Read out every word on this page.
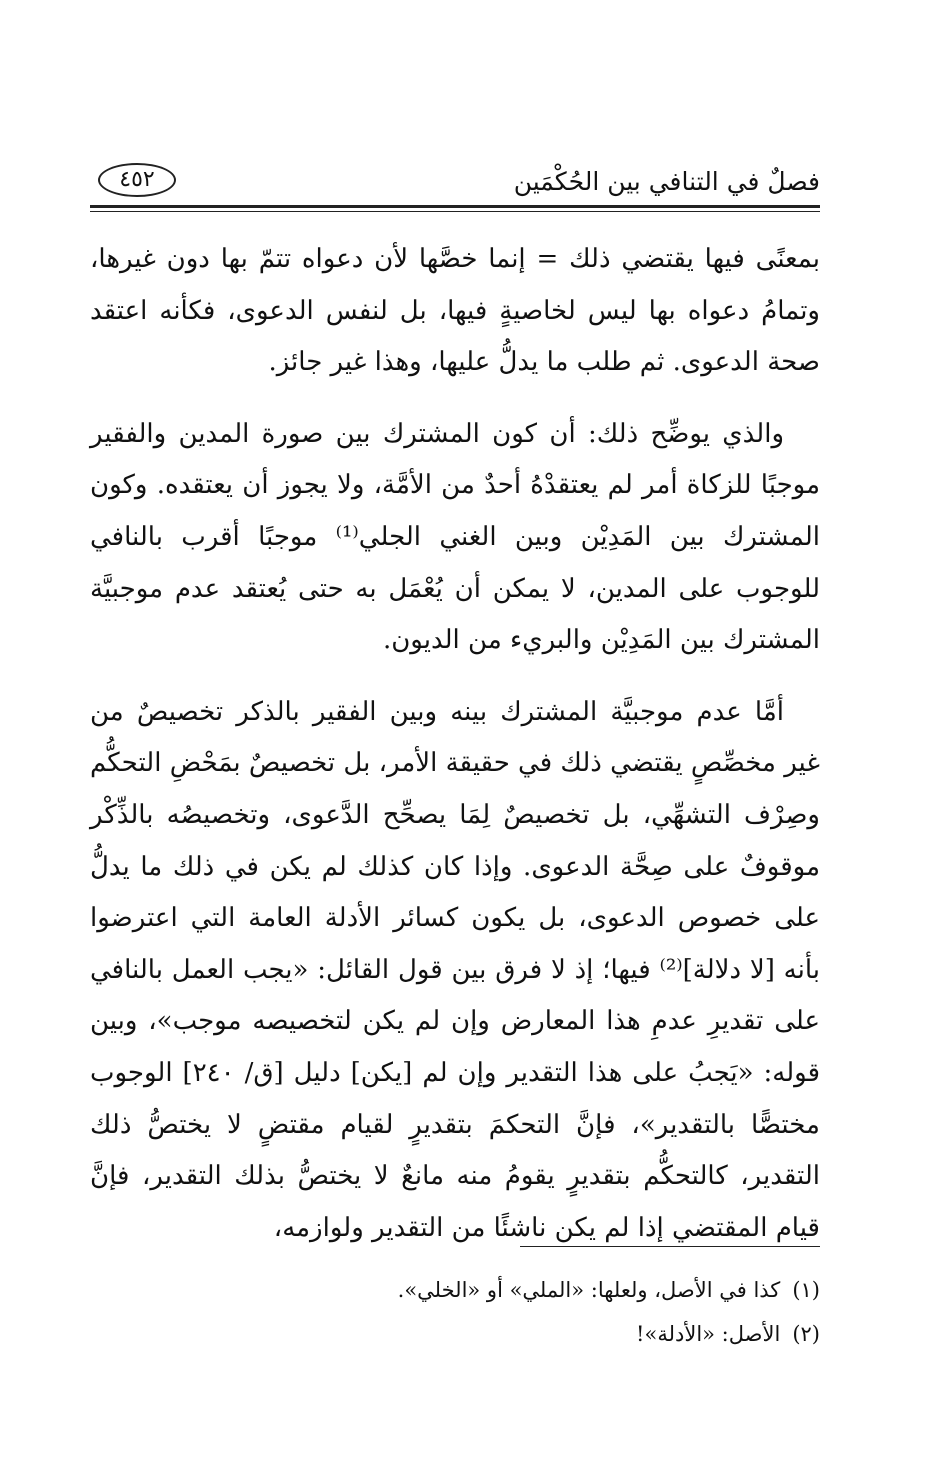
فصلٌ في التنافي بين الحُكْمَين
٤٥٢

بمعنًى فيها يقتضي ذلك = إنما خصَّها لأن دعواه تتمّ بها دون غيرها، وتمامُ دعواه بها ليس لخاصيةٍ فيها، بل لنفس الدعوى، فكأنه اعتقد صحة الدعوى. ثم طلب ما يدلُّ عليها، وهذا غير جائز.

والذي يوضِّح ذلك: أن كون المشترك بين صورة المدين والفقير موجبًا للزكاة أمر لم يعتقدْهُ أحدٌ من الأمَّة، ولا يجوز أن يعتقده. وكون المشترك بين المَدِيْن وبين الغني الجلي⁽¹⁾ موجبًا أقرب بالنافي للوجوب على المدين، لا يمكن أن يُعْمَل به حتى يُعتقد عدم موجبيَّة المشترك بين المَدِيْن والبريء من الديون.

أمَّا عدم موجبيَّة المشترك بينه وبين الفقير بالذكر تخصيصٌ من غير مخصِّصٍ يقتضي ذلك في حقيقة الأمر، بل تخصيصٌ بمَحْضِ التحكُّم وصِرْف التشهِّي، بل تخصيصٌ لِمَا يصحِّح الدَّعوى، وتخصيصُه بالذِّكْر موقوفٌ على صِحَّة الدعوى. وإذا كان كذلك لم يكن في ذلك ما يدلُّ على خصوص الدعوى، بل يكون كسائر الأدلة العامة التي اعترضوا بأنه [لا دلالة]⁽²⁾ فيها؛ إذ لا فرق بين قول القائل: «يجب العمل بالنافي على تقديرِ عدمِ هذا المعارض وإن لم يكن لتخصيصه موجب»، وبين قوله: «يَجبُ على هذا التقدير وإن لم [يكن] دليل [ق/ ٢٤٠] الوجوب مختصًّا بالتقدير»، فإنَّ التحكمَ بتقديرٍ لقيام مقتضٍ لا يختصُّ ذلك التقدير، كالتحكُّم بتقديرٍ يقومُ منه مانعٌ لا يختصُّ بذلك التقدير، فإنَّ قيام المقتضي إذا لم يكن ناشئًا من التقدير ولوازمه،

(١)كذا في الأصل، ولعلها: «الملي» أو «الخلي».

(٢)الأصل: «الأدلة»!
